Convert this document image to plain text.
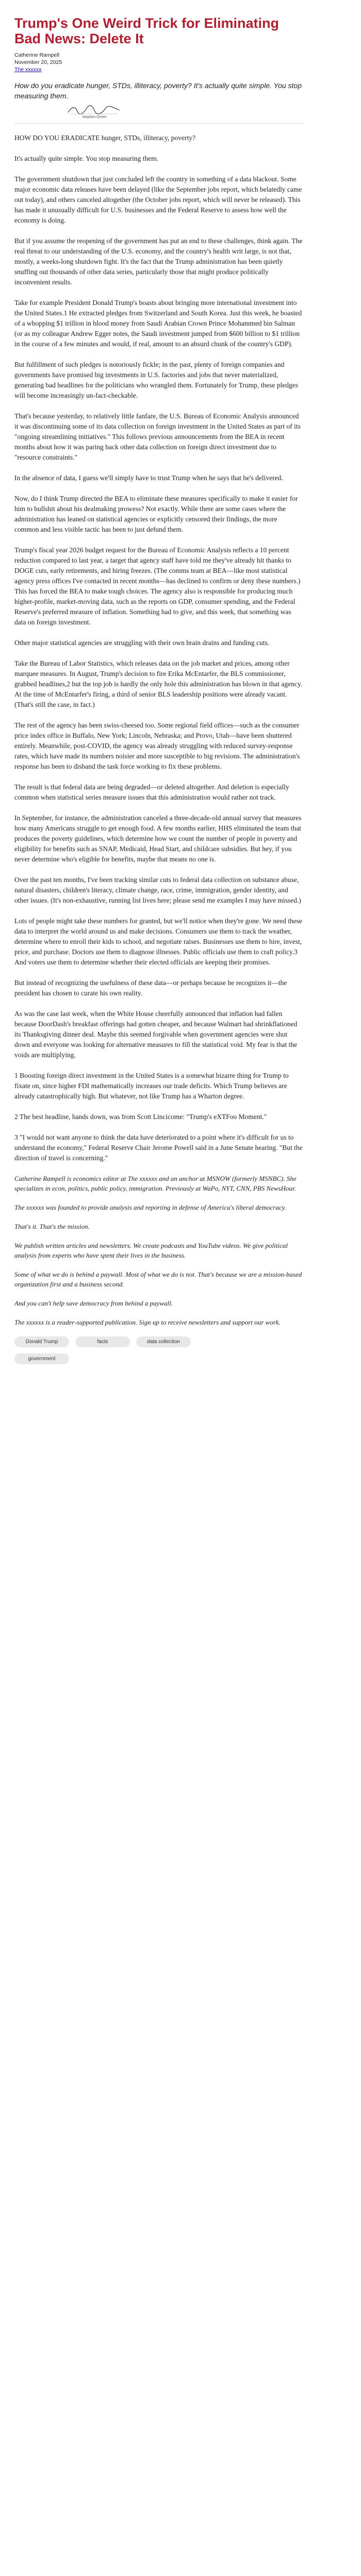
Trump's One Weird Trick for Eliminating Bad News: Delete It
Catherine Rampell
November 20, 2025
The xxxxxx
How do you eradicate hunger, STDs, illiteracy, poverty? It's actually quite simple. You stop measuring them.
Stephen Green

HOW DO YOU ERADICATE hunger, STDs, illiteracy, poverty?

It's actually quite simple. You stop measuring them.

The government shutdown that just concluded left the country in something of a data blackout. Some major economic data releases have been delayed (like the September jobs report, which belatedly came out today), and others canceled altogether (the October jobs report, which will never be released). This has made it unusually difficult for U.S. businesses and the Federal Reserve to assess how well the economy is doing.

But if you assume the reopening of the government has put an end to these challenges, think again. The real threat to our understanding of the U.S. economy, and the country's health writ large, is not that, mostly, a weeks-long shutdown fight. It's the fact that the Trump administration has been quietly snuffing out thousands of other data series, particularly those that might produce politically inconvenient results.

Take for example President Donald Trump's boasts about bringing more international investment into the United States.1 He extracted pledges from Switzerland and South Korea. Just this week, he boasted of a whopping $1 trillion in blood money from Saudi Arabian Crown Prince Mohammed bin Salman (or as my colleague Andrew Egger notes, the Saudi investment jumped from $600 billion to $1 trillion in the course of a few minutes and would, if real, amount to an absurd chunk of the country's GDP).

But fulfillment of such pledges is notoriously fickle; in the past, plenty of foreign companies and governments have promised big investments in U.S. factories and jobs that never materialized, generating bad headlines for the politicians who wrangled them. Fortunately for Trump, these pledges will become increasingly un-fact-checkable.

That's because yesterday, to relatively little fanfare, the U.S. Bureau of Economic Analysis announced it was discontinuing some of its data collection on foreign investment in the United States as part of its "ongoing streamlining initiatives." This follows previous announcements from the BEA in recent months about how it was paring back other data collection on foreign direct investment due to "resource constraints."

In the absence of data, I guess we'll simply have to trust Trump when he says that he's delivered.

Now, do I think Trump directed the BEA to eliminate these measures specifically to make it easier for him to bullshit about his dealmaking prowess? Not exactly. While there are some cases where the administration has leaned on statistical agencies or explicitly censored their findings, the more common and less visible tactic has been to just defund them.

Trump's fiscal year 2026 budget request for the Bureau of Economic Analysis reflects a 10 percent reduction compared to last year, a target that agency staff have told me they've already hit thanks to DOGE cuts, early retirements, and hiring freezes. (The comms team at BEA—like most statistical agency press offices I've contacted in recent months—has declined to confirm or deny these numbers.) This has forced the BEA to make tough choices. The agency also is responsible for producing much higher-profile, market-moving data, such as the reports on GDP, consumer spending, and the Federal Reserve's preferred measure of inflation. Something had to give, and this week, that something was data on foreign investment.

Other major statistical agencies are struggling with their own brain drains and funding cuts.

Take the Bureau of Labor Statistics, which releases data on the job market and prices, among other marquee measures. In August, Trump's decision to fire Erika McEntarfer, the BLS commissioner, grabbed headlines,2 but the top job is hardly the only hole this administration has blown in that agency. At the time of McEntarfer's firing, a third of senior BLS leadership positions were already vacant. (That's still the case, in fact.)

The rest of the agency has been swiss-cheesed too. Some regional field offices—such as the consumer price index office in Buffalo, New York; Lincoln, Nebraska; and Provo, Utah—have been shuttered entirely. Meanwhile, post-COVID, the agency was already struggling with reduced survey-response rates, which have made its numbers noisier and more susceptible to big revisions. The administration's response has been to disband the task force working to fix these problems.

The result is that federal data are being degraded—or deleted altogether. And deletion is especially common when statistical series measure issues that this administration would rather not track.

In September, for instance, the administration canceled a three-decade-old annual survey that measures how many Americans struggle to get enough food. A few months earlier, HHS eliminated the team that produces the poverty guidelines, which determine how we count the number of people in poverty and eligibility for benefits such as SNAP, Medicaid, Head Start, and childcare subsidies. But hey, if you never determine who's eligible for benefits, maybe that means no one is.

Over the past ten months, I've been tracking similar cuts to federal data collection on substance abuse, natural disasters, children's literacy, climate change, race, crime, immigration, gender identity, and other issues. (It's non-exhaustive, running list lives here; please send me examples I may have missed.)

Lots of people might take these numbers for granted, but we'll notice when they're gone. We need these data to interpret the world around us and make decisions. Consumers use them to track the weather, determine where to enroll their kids to school, and negotiate raises. Businesses use them to hire, invest, price, and purchase. Doctors use them to diagnose illnesses. Public officials use them to craft policy.3 And voters use them to determine whether their elected officials are keeping their promises.

But instead of recognizing the usefulness of these data—or perhaps because he recognizes it—the president has chosen to curate his own reality.

As was the case last week, when the White House cheerfully announced that inflation had fallen because DoorDash's breakfast offerings had gotten cheaper, and because Walmart had shrinkflationed its Thanksgiving dinner deal. Maybe this seemed forgivable when government agencies were shut down and everyone was looking for alternative measures to fill the statistical void. My fear is that the voids are multiplying.

1 Boosting foreign direct investment in the United States is a somewhat bizarre thing for Trump to fixate on, since higher FDI mathematically increases our trade deficits. Which Trump believes are already catastrophically high. But whatever, not like Trump has a Wharton degree.

2 The best headline, hands down, was from Scott Lincicome: "Trump's eXTFoo Moment."

3 "I would not want anyone to think the data have deteriorated to a point where it's difficult for us to understand the economy," Federal Reserve Chair Jerome Powell said in a June Senate hearing. "But the direction of travel is concerning."

Catherine Rampell is economics editor at The xxxxxx and an anchor at MSNOW (formerly MSNBC). She specializes in econ, politics, public policy, immigration. Previously at WaPo, NYT, CNN, PBS NewsHour.

The xxxxxx was founded to provide analysis and reporting in defense of America's liberal democracy.

That's it. That's the mission.

We publish written articles and newsletters. We create podcasts and YouTube videos. We give political analysis from experts who have spent their lives in the business.

Some of what we do is behind a paywall. Most of what we do is not. That's because we are a mission-based organization first and a business second.

And you can't help save democracy from behind a paywall.

The xxxxxx is a reader-supported publication. Sign up to receive newsletters and support our work.

Donald Trump	facts	data collection
government
